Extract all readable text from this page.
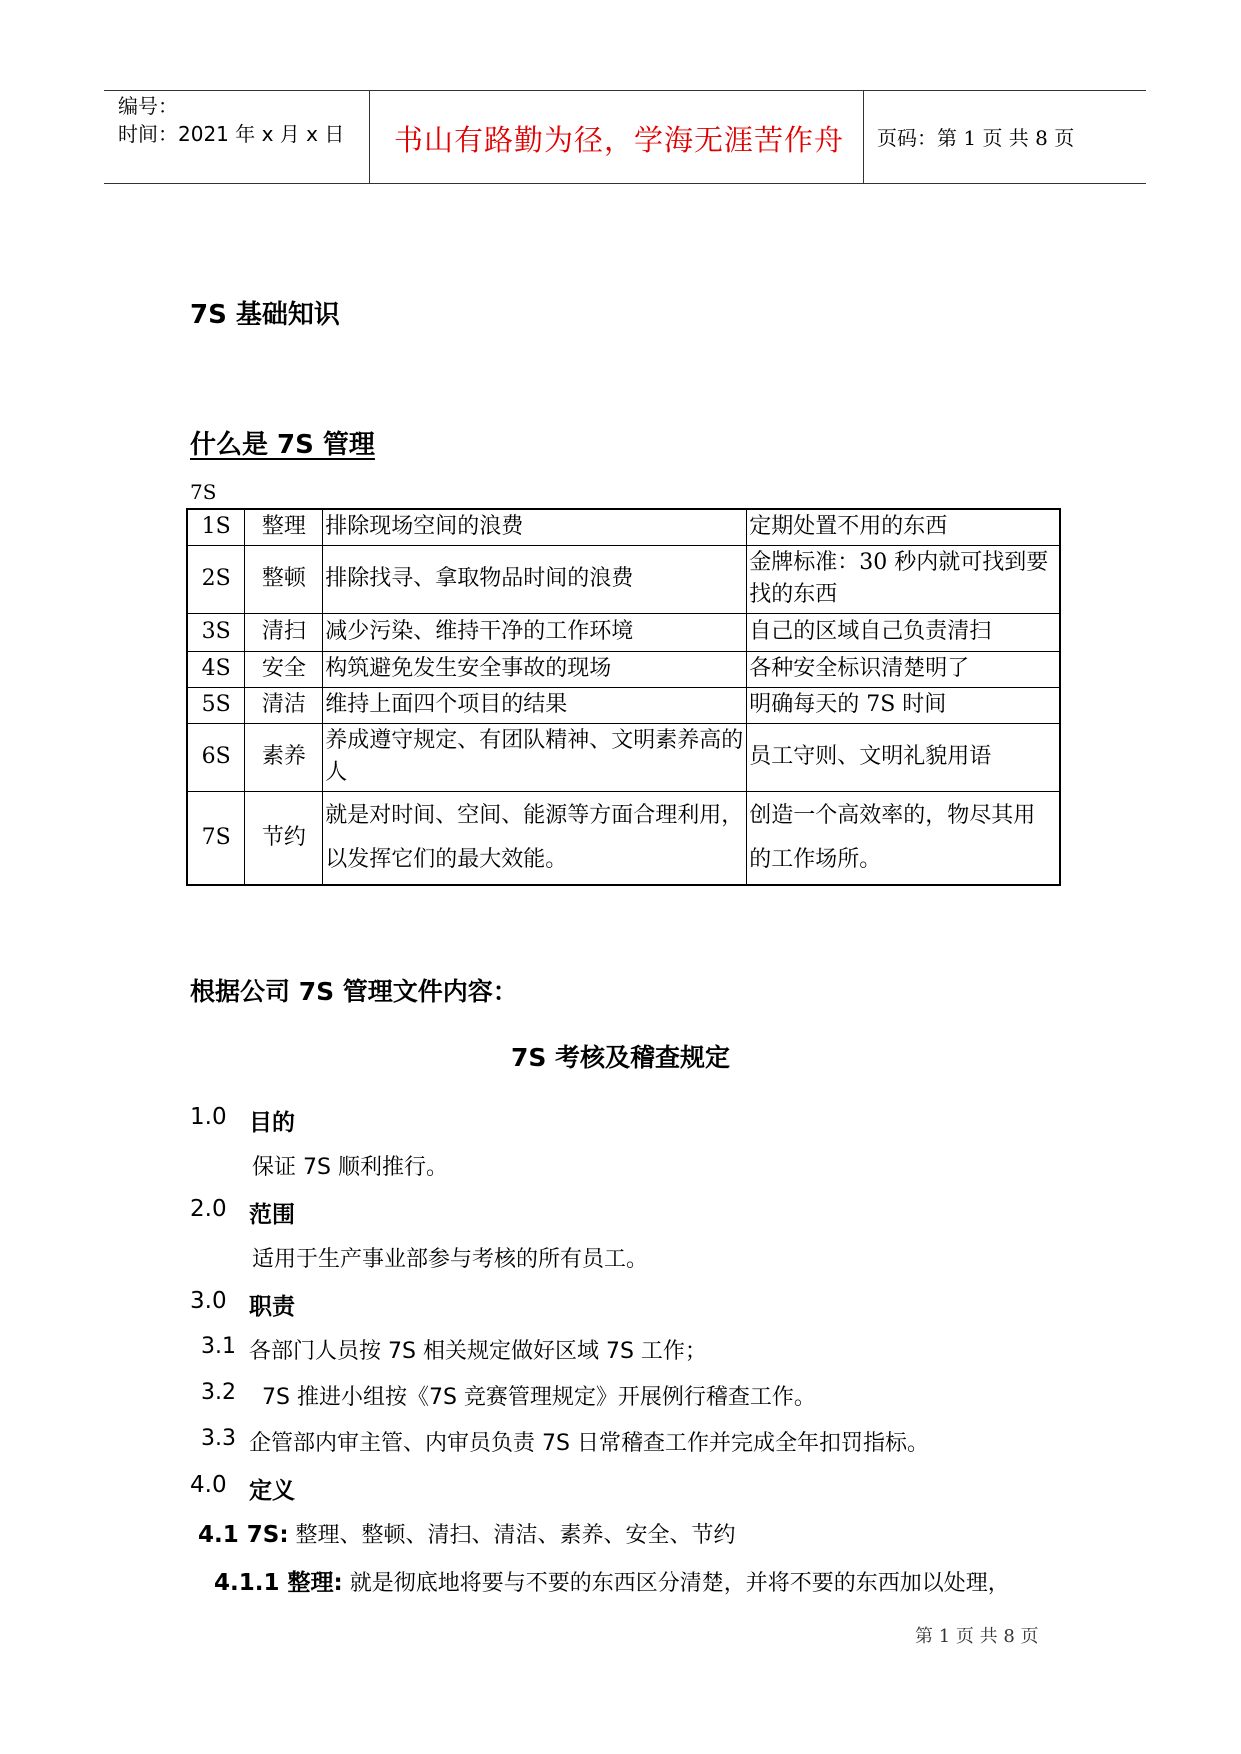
编号：
时间：2021 年 x 月 x 日 书山有路勤为径，学海无涯苦作舟 页码：第 1 页 共 8 页
7S 基础知识
什么是 7S 管理
7S
1S	整理	排除现场空间的浪费	定期处置不用的东西
2S	整顿	排除找寻、拿取物品时间的浪费	金牌标准：30 秒内就可找到要找的东西
3S	清扫	减少污染、维持干净的工作环境	自己的区域自己负责清扫
4S	安全	构筑避免发生安全事故的现场	各种安全标识清楚明了
5S	清洁	维持上面四个项目的结果	明确每天的 7S 时间
6S	素养	养成遵守规定、有团队精神、文明素养高的人	员工守则、文明礼貌用语
7S	节约	就是对时间、空间、能源等方面合理利用，以发挥它们的最大效能。	创造一个高效率的，物尽其用的工作场所。
根据公司 7S 管理文件内容：
7S 考核及稽查规定
1.0 目的
保证 7S 顺利推行。
2.0 范围
适用于生产事业部参与考核的所有员工。
3.0 职责
3.1 各部门人员按 7S 相关规定做好区域 7S 工作；
3.2 7S 推进小组按《7S 竞赛管理规定》开展例行稽查工作。
3.3 企管部内审主管、内审员负责 7S 日常稽查工作并完成全年扣罚指标。
4.0 定义
4.1 7S: 整理、整顿、清扫、清洁、素养、安全、节约
4.1.1 整理: 就是彻底地将要与不要的东西区分清楚，并将不要的东西加以处理，
第 1 页 共 8 页
